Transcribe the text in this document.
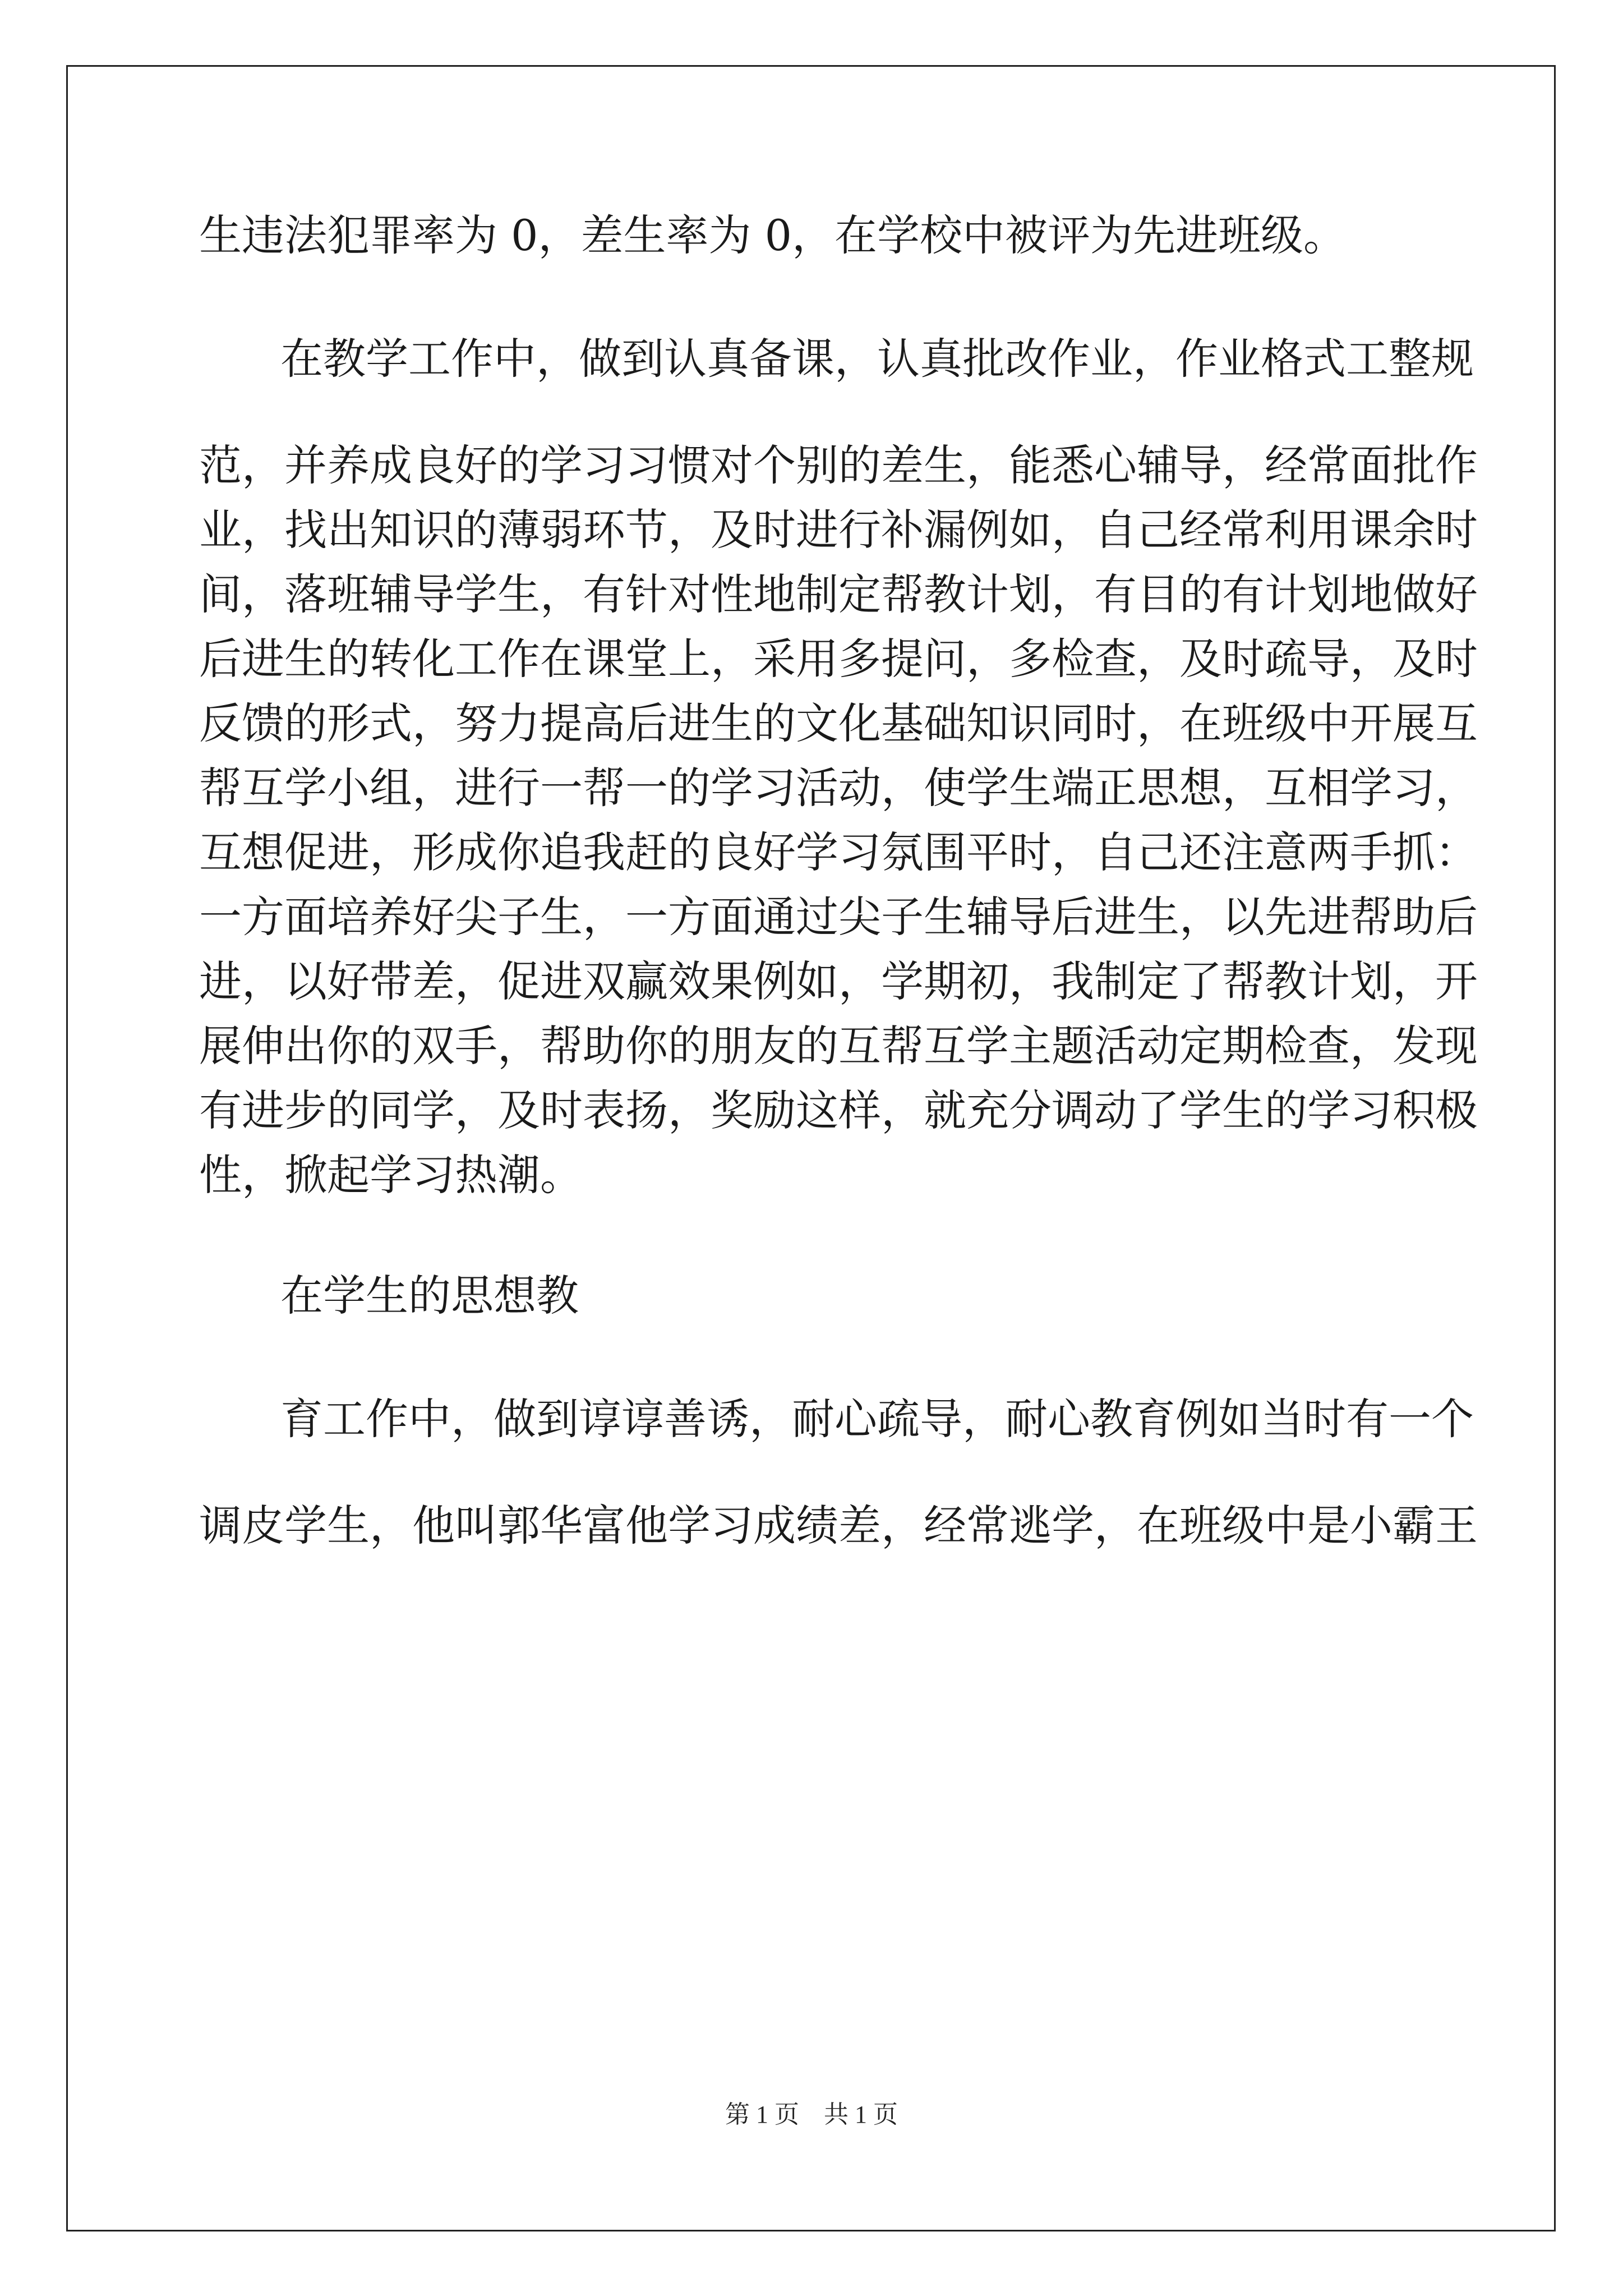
生违法犯罪率为 0，差生率为 0，在学校中被评为先进班级。
在教学工作中，做到认真备课，认真批改作业，作业格式工整规
范，并养成良好的学习习惯对个别的差生，能悉心辅导，经常面批作
业，找出知识的薄弱环节，及时进行补漏例如，自己经常利用课余时
间，落班辅导学生，有针对性地制定帮教计划，有目的有计划地做好
后进生的转化工作在课堂上，采用多提问，多检查，及时疏导，及时
反馈的形式，努力提高后进生的文化基础知识同时，在班级中开展互
帮互学小组，进行一帮一的学习活动，使学生端正思想，互相学习，
互想促进，形成你追我赶的良好学习氛围平时，自己还注意两手抓：
一方面培养好尖子生，一方面通过尖子生辅导后进生，以先进帮助后
进，以好带差，促进双赢效果例如，学期初，我制定了帮教计划，开
展伸出你的双手，帮助你的朋友的互帮互学主题活动定期检查，发现
有进步的同学，及时表扬，奖励这样，就充分调动了学生的学习积极
性，掀起学习热潮。
在学生的思想教
育工作中，做到谆谆善诱，耐心疏导，耐心教育例如当时有一个
调皮学生，他叫郭华富他学习成绩差，经常逃学，在班级中是小霸王
第 1 页　共 1 页
